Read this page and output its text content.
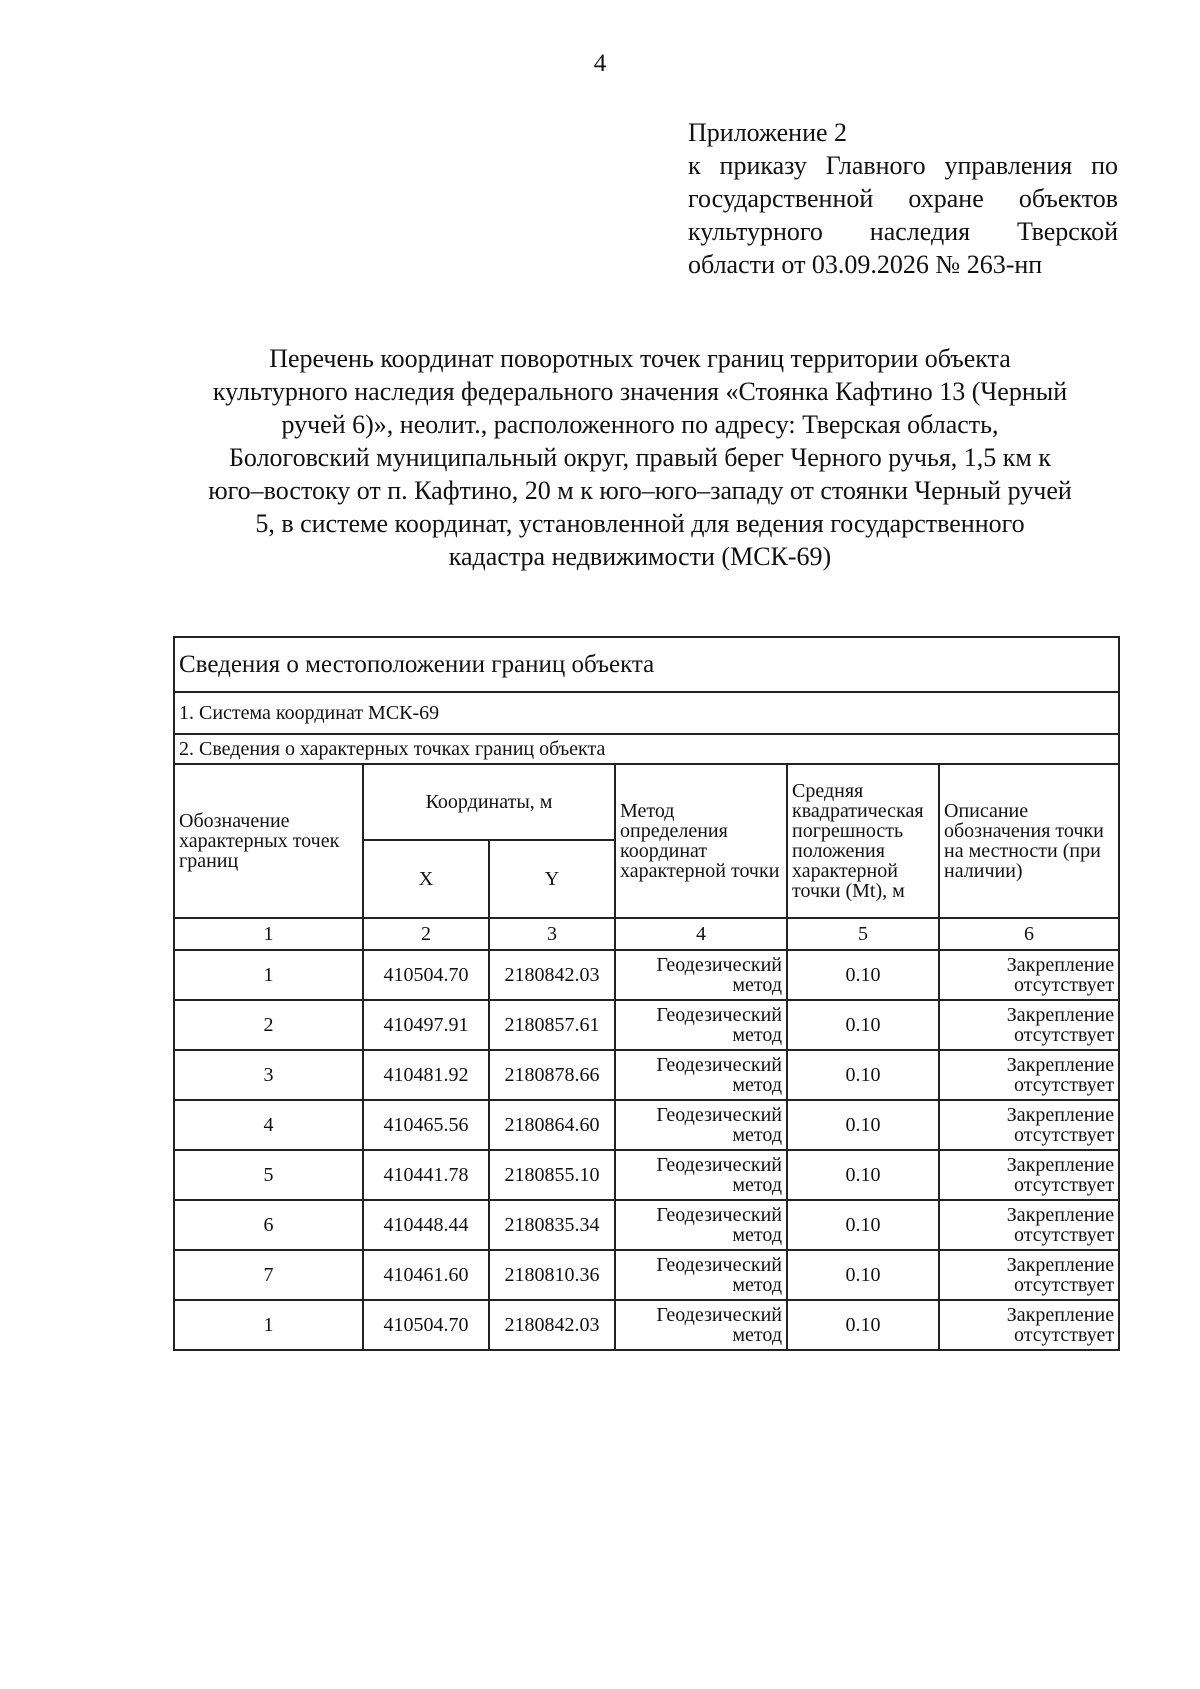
4
Приложение 2
к приказу Главного управления по
государственной охране объектов
культурного наследия Тверской
области от 03.09.2026 № 263-нп
Перечень координат поворотных точек границ территории объекта
культурного наследия федерального значения «Стоянка Кафтино 13 (Черный
ручей 6)», неолит., расположенного по адресу: Тверская область,
Бологовский муниципальный округ, правый берег Черного ручья, 1,5 км к
юго–востоку от п. Кафтино, 20 м к юго–юго–западу от стоянки Черный ручей
5, в системе координат, установленной для ведения государственного
кадастра недвижимости (МСК-69)
Сведения о местоположении границ объекта					
1. Система координат МСК-69					
2. Сведения о характерных точках границ объекта					
Обозначение характерных точек границ	Координаты, м		Метод определения координат характерной точки	Средняя квадратическая погрешность положения характерной точки (Mt), м	Описание обозначения точки на местности (при наличии)
	X	Y			
1	2	3	4	5	6
1	410504.70	2180842.03	Геодезический метод	0.10	Закрепление отсутствует
2	410497.91	2180857.61	Геодезический метод	0.10	Закрепление отсутствует
3	410481.92	2180878.66	Геодезический метод	0.10	Закрепление отсутствует
4	410465.56	2180864.60	Геодезический метод	0.10	Закрепление отсутствует
5	410441.78	2180855.10	Геодезический метод	0.10	Закрепление отсутствует
6	410448.44	2180835.34	Геодезический метод	0.10	Закрепление отсутствует
7	410461.60	2180810.36	Геодезический метод	0.10	Закрепление отсутствует
1	410504.70	2180842.03	Геодезический метод	0.10	Закрепление отсутствует
